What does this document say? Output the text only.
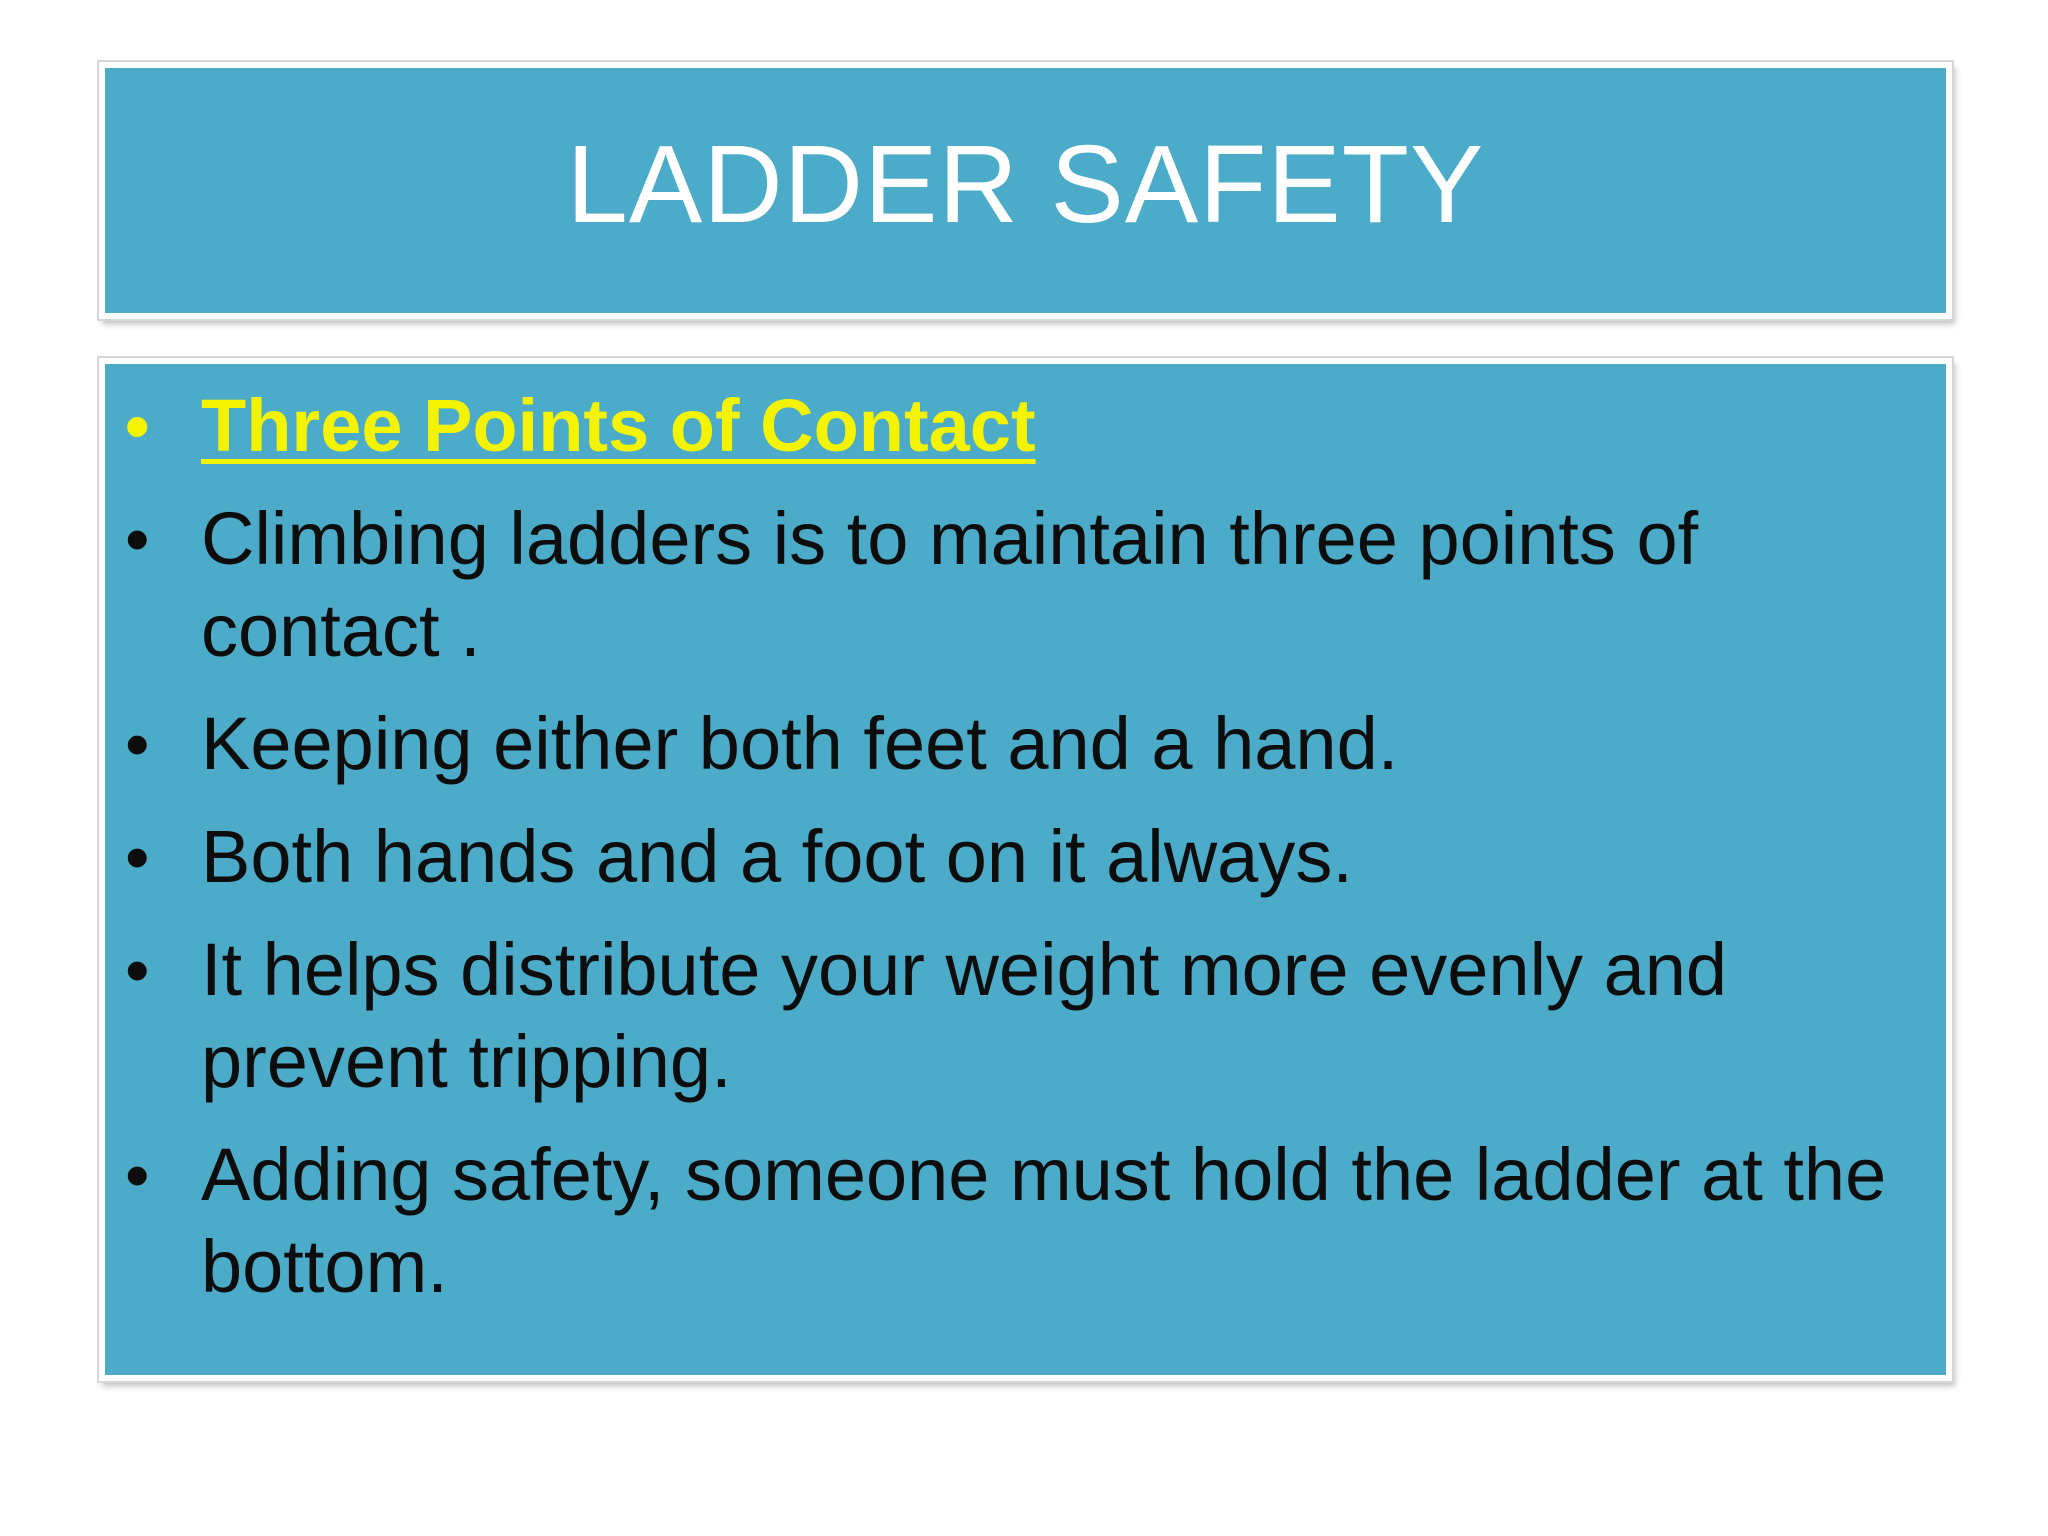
LADDER SAFETY
• Three Points of Contact
• Climbing ladders is to maintain three points of contact .
• Keeping either both feet and a hand.
• Both hands and a foot on it always.
• It helps distribute your weight more evenly and prevent tripping.
• Adding safety, someone must hold the ladder at the bottom.
